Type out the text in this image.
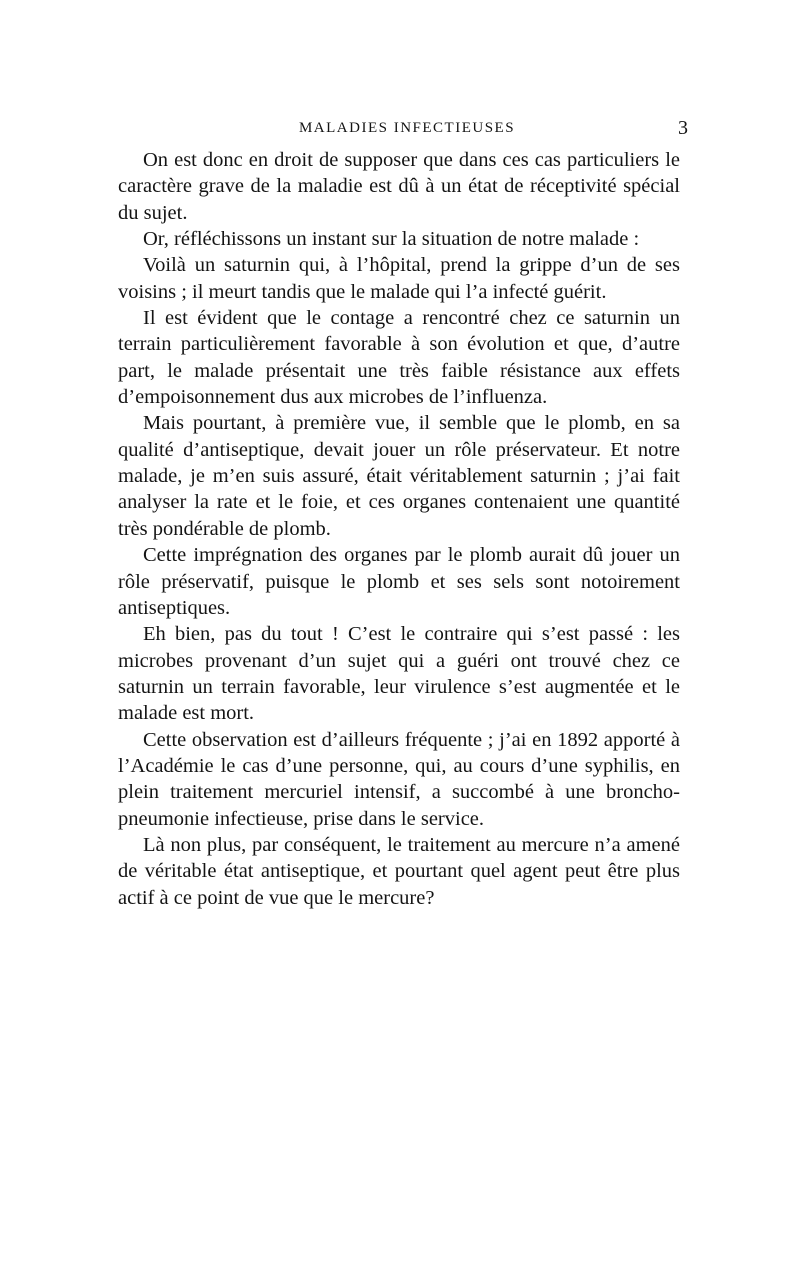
MALADIES INFECTIEUSES	3

On est donc en droit de supposer que dans ces cas particuliers le caractère grave de la maladie est dû à un état de réceptivité spécial du sujet.

Or, réfléchissons un instant sur la situation de notre malade :

Voilà un saturnin qui, à l’hôpital, prend la grippe d’un de ses voisins ; il meurt tandis que le malade qui l’a infecté guérit.

Il est évident que le contage a rencontré chez ce saturnin un terrain particulièrement favorable à son évolution et que, d’autre part, le malade présentait une très faible résistance aux effets d’empoisonnement dus aux microbes de l’influenza.

Mais pourtant, à première vue, il semble que le plomb, en sa qualité d’antiseptique, devait jouer un rôle préservateur. Et notre malade, je m’en suis assuré, était véritablement saturnin ; j’ai fait analyser la rate et le foie, et ces organes contenaient une quantité très pondérable de plomb.

Cette imprégnation des organes par le plomb aurait dû jouer un rôle préservatif, puisque le plomb et ses sels sont notoirement antiseptiques.

Eh bien, pas du tout ! C’est le contraire qui s’est passé : les microbes provenant d’un sujet qui a guéri ont trouvé chez ce saturnin un terrain favorable, leur virulence s’est augmentée et le malade est mort.

Cette observation est d’ailleurs fréquente ; j’ai en 1892 apporté à l’Académie le cas d’une personne, qui, au cours d’une syphilis, en plein traitement mercuriel intensif, a succombé à une broncho-pneumonie infectieuse, prise dans le service.

Là non plus, par conséquent, le traitement au mercure n’a amené de véritable état antiseptique, et pourtant quel agent peut être plus actif à ce point de vue que le mercure?
